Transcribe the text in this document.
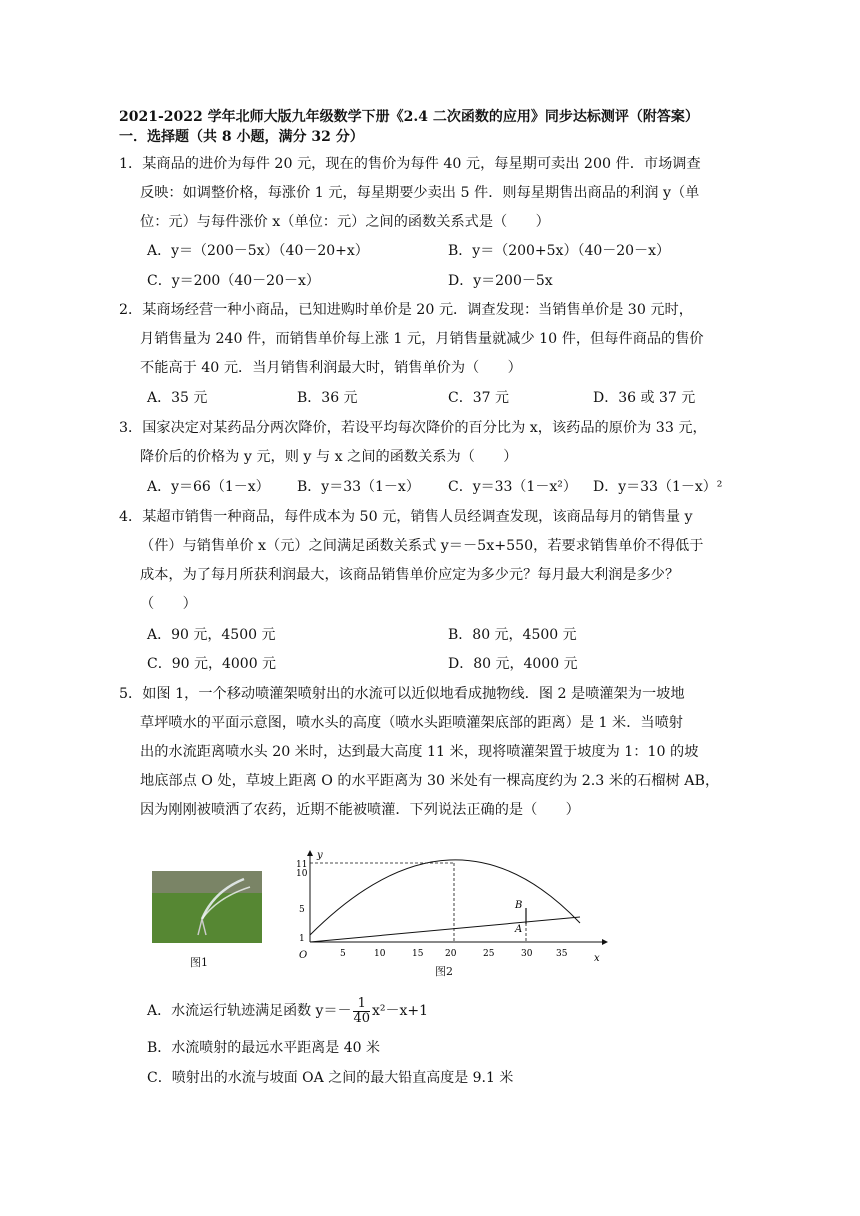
2021-2022 学年北师大版九年级数学下册《2.4 二次函数的应用》同步达标测评（附答案）
一．选择题（共 8 小题，满分 32 分）
1．某商品的进价为每件 20 元，现在的售价为每件 40 元，每星期可卖出 200 件．市场调查
反映：如调整价格，每涨价 1 元，每星期要少卖出 5 件．则每星期售出商品的利润 y（单
位：元）与每件涨价 x（单位：元）之间的函数关系式是（　　）
A．y＝（200－5x）（40－20+x）	B．y＝（200+5x）（40－20－x）
C．y＝200（40－20－x）	D．y＝200－5x
2．某商场经营一种小商品，已知进购时单价是 20 元．调查发现：当销售单价是 30 元时，
月销售量为 240 件，而销售单价每上涨 1 元，月销售量就减少 10 件，但每件商品的售价
不能高于 40 元．当月销售利润最大时，销售单价为（　　）
A．35 元	B．36 元	C．37 元	D．36 或 37 元
3．国家决定对某药品分两次降价，若设平均每次降价的百分比为 x，该药品的原价为 33 元，
降价后的价格为 y 元，则 y 与 x 之间的函数关系为（　　）
A．y＝66（1－x） B．y＝33（1－x） C．y＝33（1－x²） D．y＝33（1－x）²
4．某超市销售一种商品，每件成本为 50 元，销售人员经调查发现，该商品每月的销售量 y
（件）与销售单价 x（元）之间满足函数关系式 y＝－5x+550，若要求销售单价不得低于
成本，为了每月所获利润最大，该商品销售单价应定为多少元？每月最大利润是多少？
（　　）
A．90 元，4500 元	B．80 元，4500 元
C．90 元，4000 元	D．80 元，4000 元
5．如图 1，一个移动喷灌架喷射出的水流可以近似地看成抛物线．图 2 是喷灌架为一坡地
草坪喷水的平面示意图，喷水头的高度（喷水头距喷灌架底部的距离）是 1 米．当喷射
出的水流距离喷水头 20 米时，达到最大高度 11 米，现将喷灌架置于坡度为 1：10 的坡
地底部点 O 处，草坡上距离 O 的水平距离为 30 米处有一棵高度约为 2.3 米的石榴树 AB，
因为刚刚被喷洒了农药，近期不能被喷灌．下列说法正确的是（　　）
图1
y
x
O
11
10
5
1
5	10	15 20	25	30	35
B
A
图2
A．水流运行轨迹满足函数 $y=- \frac{1}{40} x^2-x+1$
B．水流喷射的最远水平距离是 40 米
C．喷射出的水流与坡面 OA 之间的最大铅直高度是 9.1 米
